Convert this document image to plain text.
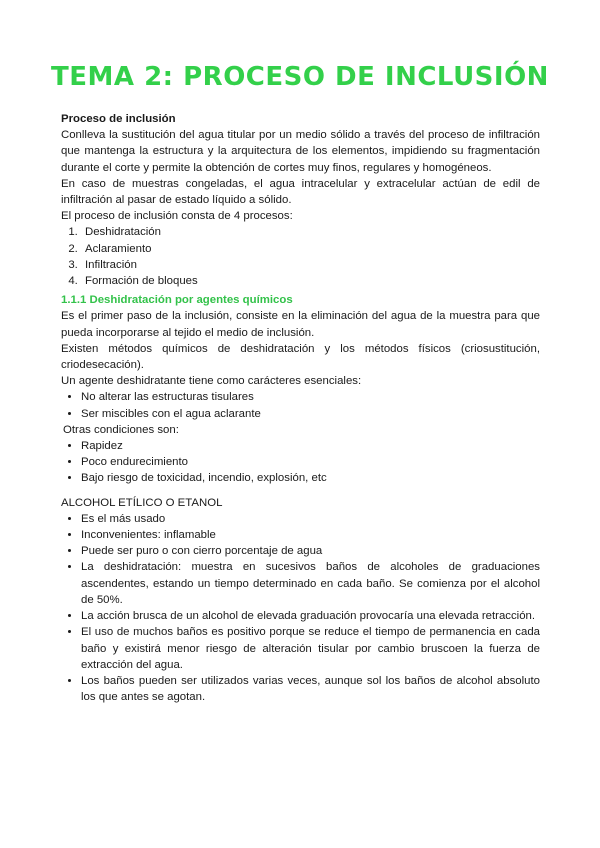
TEMA 2: PROCESO DE INCLUSIÓN

Proceso de inclusión

Conlleva la sustitución del agua titular por un medio sólido a través del proceso de infiltración que mantenga la estructura y la arquitectura de los elementos, impidiendo su fragmentación durante el corte y permite la obtención de cortes muy finos, regulares y homogéneos.

En caso de muestras congeladas, el agua intracelular y extracelular actúan de edil de infiltración al pasar de estado líquido a sólido.

El proceso de inclusión consta de 4 procesos:

1. Deshidratación
2. Aclaramiento
3. Infiltración
4. Formación de bloques

1.1.1 Deshidratación por agentes químicos

Es el primer paso de la inclusión, consiste en la eliminación del agua de la muestra para que pueda incorporarse al tejido el medio de inclusión.

Existen métodos químicos de deshidratación y los métodos físicos (criosustitución, criodesecación).

Un agente deshidratante tiene como carácteres esenciales:

• No alterar las estructuras tisulares
• Ser miscibles con el agua aclarante

Otras condiciones son:

• Rapidez
• Poco endurecimiento
• Bajo riesgo de toxicidad, incendio, explosión, etc

ALCOHOL ETÍLICO O ETANOL

• Es el más usado
• Inconvenientes: inflamable
• Puede ser puro o con cierro porcentaje de agua
• La deshidratación: muestra en sucesivos baños de alcoholes de graduaciones ascendentes, estando un tiempo determinado en cada baño. Se comienza por el alcohol de 50%.
• La acción brusca de un alcohol de elevada graduación provocaría una elevada retracción.
• El uso de muchos baños es positivo porque se reduce el tiempo de permanencia en cada baño y existirá menor riesgo de alteración tisular por cambio bruscoen la fuerza de extracción del agua.
• Los baños pueden ser utilizados varias veces, aunque sol los baños de alcohol absoluto los que antes se agotan.
